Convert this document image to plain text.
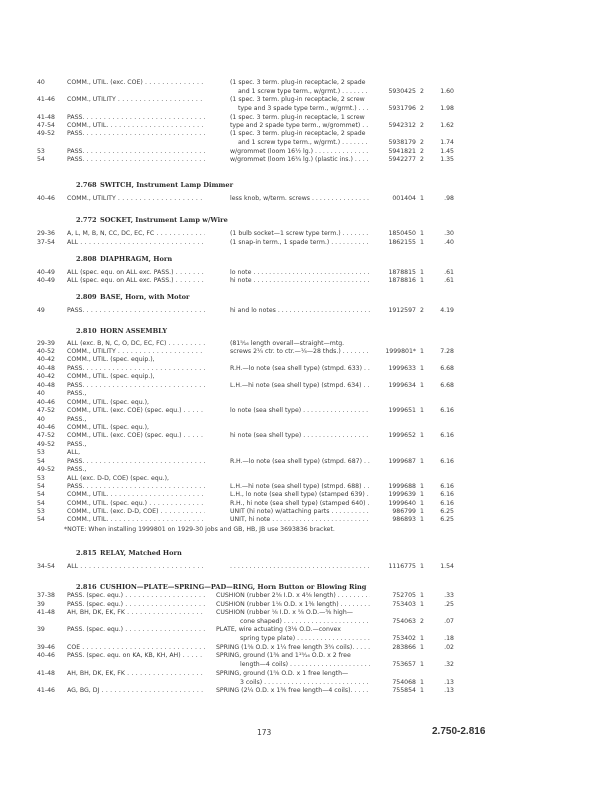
40	COMM., UTIL. (exc. COE) . . .	(1 spec. 3 term. plug-in receptacle, 2 spade
and 1 screw type term., w/grmt.) . . .	5930425 2	1.60
41-46 COMM., UTILITY . . .	(1 spec. 3 term. plug-in receptacle, 2 screw
type and 3 spade type term., w/grmt.) . . .	5931796 2	1.98
41-48 PASS. . . .	(1 spec. 3 term. plug-in receptacle, 1 screw
47-54 COMM., UTIL. . . .	type and 2 spade type term., w/grommet) . . .	5942312 2	1.62
49-52 PASS. . . .	(1 spec. 3 term. plug-in receptacle, 2 spade
and 1 screw type term., w/grmt.) . . .	5938179 2	1.74
53	PASS. . . .	w/grommet (loom 16½ lg.) . . .	5941821 2	1.45
54	PASS. . . .	w/grommet (loom 16¾ lg.) (plastic ins.) . . .	5942277 2	1.35
2.768 SWITCH, Instrument Lamp Dimmer
40-46 COMM., UTILITY . . .	less knob, w/term. screws . . .	001404 1	.98
2.772 SOCKET, Instrument Lamp w/Wire
29-36 A, L, M, B, N, CC, DC, EC, FC . . .	(1 bulb socket—1 screw type term.) . . .	1850450 1	.30
37-54 ALL . . .	(1 snap-in term., 1 spade term.) . . .	1862155 1	.40
2.808 DIAPHRAGM, Horn
40-49 ALL (spec. equ. on ALL exc. PASS.) . . .	lo note . . .	1878815 1	.61
40-49 ALL (spec. equ. on ALL exc. PASS.) . . .	hi note . . .	1878816 1	.61
2.809 BASE, Horn, with Motor
49	PASS. . . .	hi and lo notes . . .	1912597 2	4.19
2.810 HORN ASSEMBLY
29-39 ALL (exc. B, N, C, O, DC, EC, FC) . . .	(81⁵⁄₁₆ length overall—straight—mtg.
40-52 COMM., UTILITY . . .	screws 2¼ ctr. to ctr.—¼—28 thds.) . . .	1999801* 1	7.28
40-42 COMM., UTIL. (spec. equip.),
40-48 PASS. . . .	R.H.—lo note (sea shell type) (stmpd. 633) . . .	1999633 1	6.68
40-42 COMM., UTIL. (spec. equip.),
40-48 PASS. . . .	L.H.—hi note (sea shell type) (stmpd. 634) . . .	1999634 1	6.68
40	PASS.,
40-46 COMM., UTIL. (spec. equ.),
47-52 COMM., UTIL. (exc. COE) (spec. equ.) . . .	lo note (sea shell type) . . .	1999651 1	6.16
40	PASS.,
40-46 COMM., UTIL. (spec. equ.),
47-52 COMM., UTIL. (exc. COE) (spec. equ.) . . .	hi note (sea shell type) . . .	1999652 1	6.16
49-52 PASS.,
53	ALL,
54	PASS. . . .	R.H.—lo note (sea shell type) (stmpd. 687) . . .	1999687 1	6.16
49-52 PASS.,
53	ALL (exc. D-D, COE) (spec. equ.),
54	PASS. . . .	L.H.—hi note (sea shell type) (stmpd. 688) . . .	1999688 1	6.16
54	COMM., UTIL. . . .	L.H., lo note (sea shell type) (stamped 639) . . .	1999639 1	6.16
54	COMM., UTIL. (spec. equ.) . . .	R.H., hi note (sea shell type) (stamped 640) . . .	1999640 1	6.16
53	COMM., UTIL. (exc. D-D, COE) . . .	UNIT (hi note) w/attaching parts . . .	986799 1	6.25
54	COMM., UTIL. . . .	UNIT, hi note . . .	986893 1	6.25
*NOTE: When installing 1999801 on 1929-30 jobs and GB, HB, JB use 3693836 bracket.
2.815 RELAY, Matched Horn
34-54 ALL . . . . . .	1116775 1	1.54
2.816 CUSHION—PLATE—SPRING—PAD—RING, Horn Button or Blowing Ring
37-38 PASS. (spec. equ.) . . .	CUSHION (rubber 2⅝ I.D. x 4⅝ length) . . .	752705 1	.33
39	PASS. (spec. equ.) . . .	CUSHION (rubber 1⅛ O.D. x 1⅜ length) . . .	753403 1	.25
41-48 AH, BH, DK, EK, FK . . .	CUSHION (rubber ⅛ I.D. x ⅝ O.D.—⅜ high—
cone shaped) . . .	754063 2	.07
39	PASS. (spec. equ.) . . .	PLATE, wire actuating (3⅛ O.D.—convex
spring type plate) . . .	753402 1	.18
39-46 COE . . .	SPRING (1⅝ O.D. x 1¼ free length 3¾ coils). . . .	283866 1	.02
40-46 PASS. (spec. equ. on KA, KB, KH, AH) . . .	SPRING, ground (1⅜ and 1¹⁵⁄₁₆ O.D. x 2 free
length—4 coils) . . .	753657 1	.32
41-48 AH, BH, DK, EK, FK . . .	SPRING, ground (1⅝ O.D. x 1 free length—
3 coils) . . .	754068 1	.13
41-46 AG, BG, DJ . . .	SPRING (2¼ O.D. x 1⅜ free length—4 coils). . . .	755854 1	.13
173	2.750-2.816
